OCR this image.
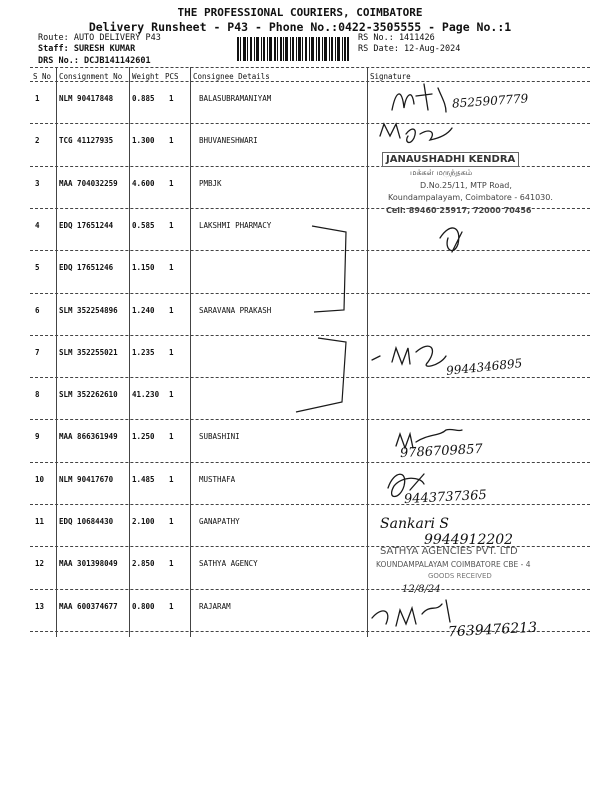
THE PROFESSIONAL COURIERS, COIMBATORE
Delivery Runsheet - P43 - Phone No.:0422-3505555 - Page No.:1
Route: AUTO DELIVERY P43
Staff: SURESH KUMAR
DRS No.: DCJB141142601
RS No.: 1411426
RS Date: 12-Aug-2024
S No Consignment No Weight PCS Consignee Details	Signature
1	NLM 90417848	0.885 1	BALASUBRAMANIYAM
2	TCG 41127935	1.300 1	BHUVANESHWARI
3	MAA 704032259 4.600 1	PMBJK
4	EDQ 17651244	0.585 1	LAKSHMI PHARMACY
5	EDQ 17651246	1.150 1
6	SLM 352254896 1.240 1	SARAVANA PRAKASH
7	SLM 352255021 1.235 1
8	SLM 352262610 41.230 1
9	MAA 866361949 1.250 1	SUBASHINI
10 NLM 90417670	1.485 1	MUSTHAFA
11 EDQ 10684430	2.100 1	GANAPATHY
12 MAA 301398049 2.850 1	SATHYA AGENCY
13 MAA 600374677 0.800 1	RAJARAM
8525907779
9944346895
9786709857
9443737365
Sankari S
9944912202
7639476213
JANAUSHADHI KENDRA
மக்கள் மருந்தகம்
D.No.25/11, MTP Road,
Koundampalayam, Coimbatore - 641030.
Cell: 89460 25917, 72000 70456
SATHYA AGENCIES PVT. LTD
KOUNDAMPALAYAM COIMBATORE CBE - 4
GOODS RECEIVED
12/8/24
